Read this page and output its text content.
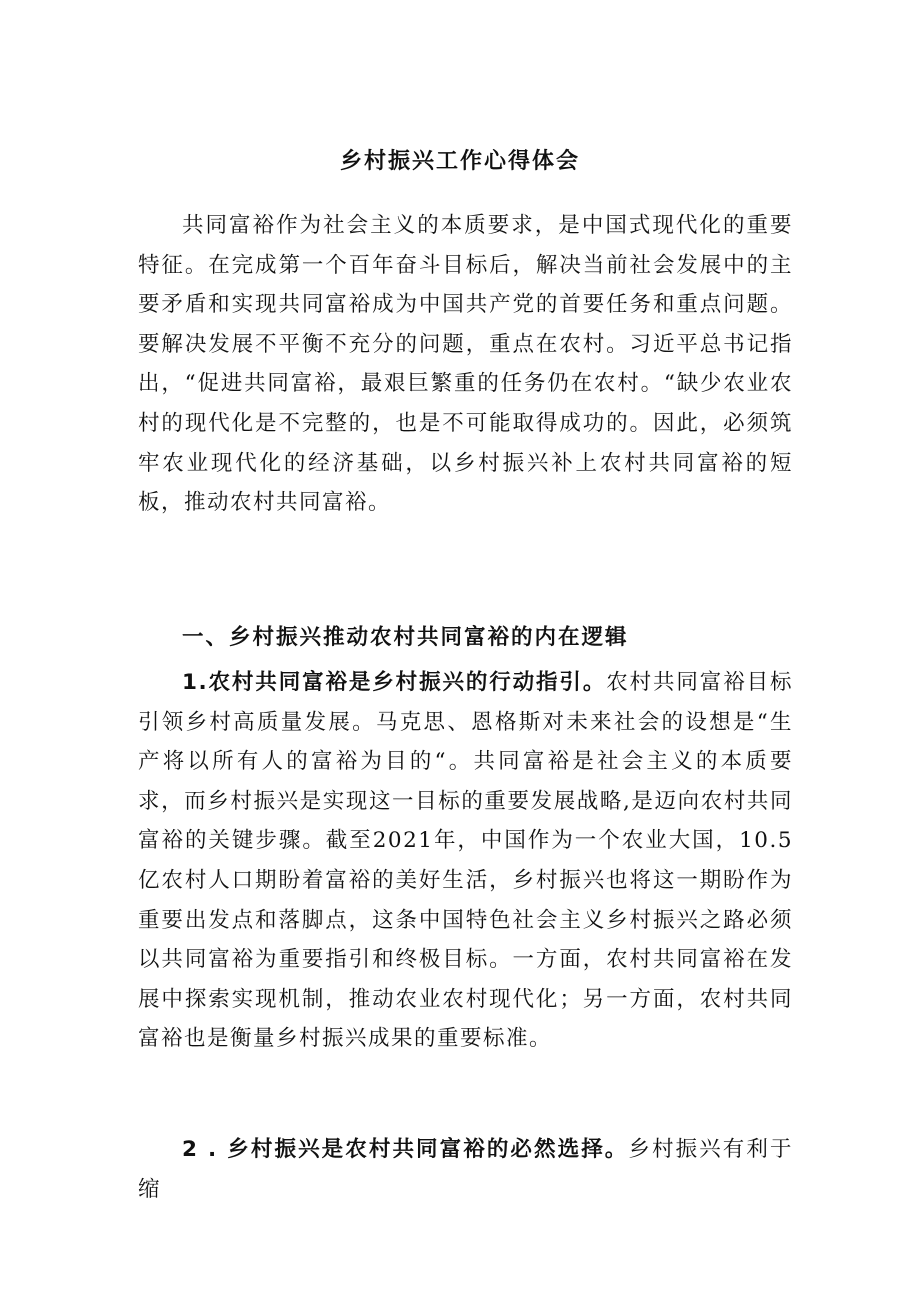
乡村振兴工作心得体会

共同富裕作为社会主义的本质要求，是中国式现代化的重要特征。在完成第一个百年奋斗目标后，解决当前社会发展中的主要矛盾和实现共同富裕成为中国共产党的首要任务和重点问题。要解决发展不平衡不充分的问题，重点在农村。习近平总书记指出，“促进共同富裕，最艰巨繁重的任务仍在农村。“缺少农业农村的现代化是不完整的，也是不可能取得成功的。因此，必须筑牢农业现代化的经济基础，以乡村振兴补上农村共同富裕的短板，推动农村共同富裕。

一、乡村振兴推动农村共同富裕的内在逻辑

1.农村共同富裕是乡村振兴的行动指引。农村共同富裕目标引领乡村高质量发展。马克思、恩格斯对未来社会的设想是“生产将以所有人的富裕为目的“。共同富裕是社会主义的本质要求，而乡村振兴是实现这一目标的重要发展战略,是迈向农村共同富裕的关键步骤。截至2021年，中国作为一个农业大国，10.5亿农村人口期盼着富裕的美好生活，乡村振兴也将这一期盼作为重要出发点和落脚点，这条中国特色社会主义乡村振兴之路必须以共同富裕为重要指引和终极目标。一方面，农村共同富裕在发展中探索实现机制，推动农业农村现代化；另一方面，农村共同富裕也是衡量乡村振兴成果的重要标准。

2 . 乡村振兴是农村共同富裕的必然选择。乡村振兴有利于缩
